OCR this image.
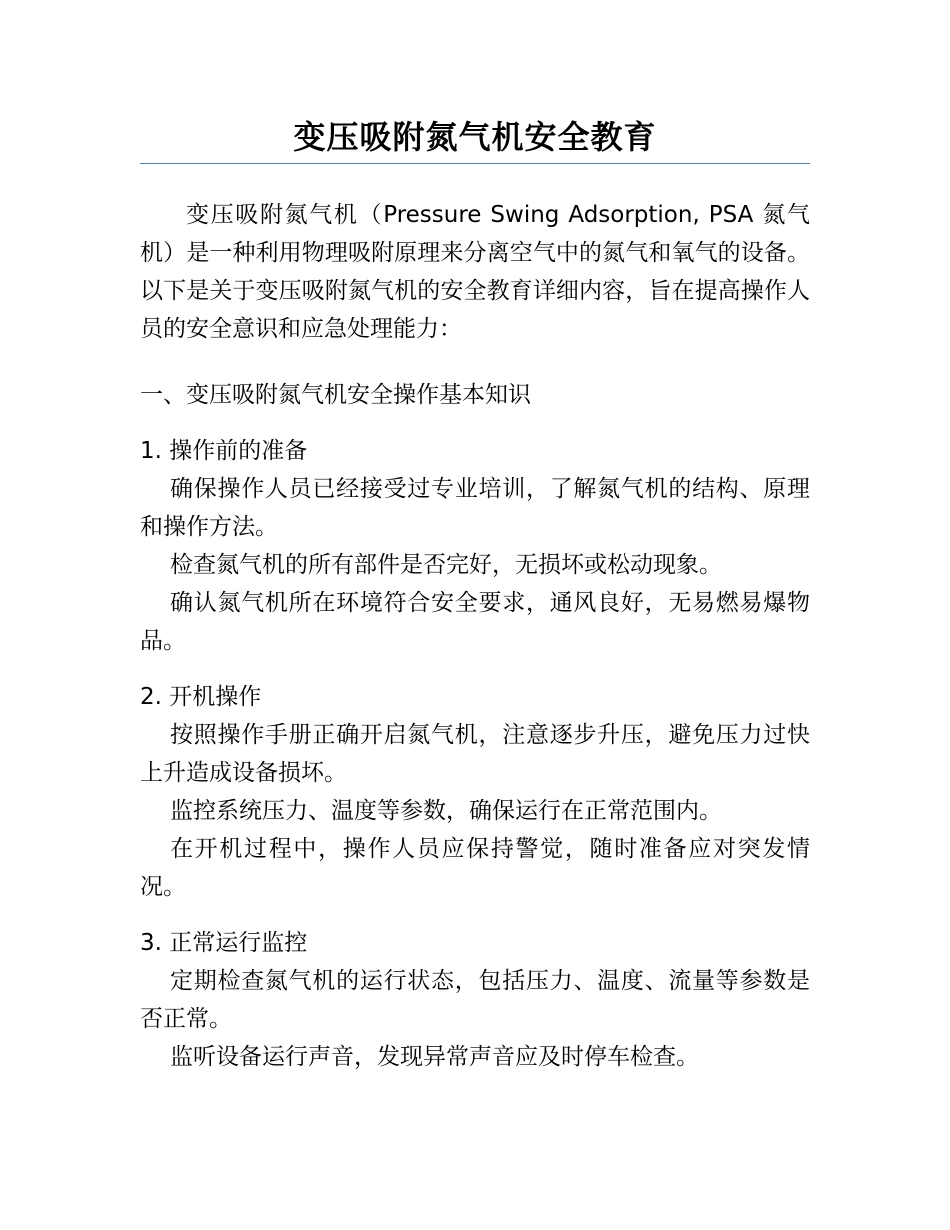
变压吸附氮气机安全教育

变压吸附氮气机（Pressure Swing Adsorption, PSA 氮气机）是一种利用物理吸附原理来分离空气中的氮气和氧气的设备。以下是关于变压吸附氮气机的安全教育详细内容，旨在提高操作人员的安全意识和应急处理能力：

一、变压吸附氮气机安全操作基本知识

1. 操作前的准备

确保操作人员已经接受过专业培训，了解氮气机的结构、原理和操作方法。

检查氮气机的所有部件是否完好，无损坏或松动现象。

确认氮气机所在环境符合安全要求，通风良好，无易燃易爆物品。

2. 开机操作

按照操作手册正确开启氮气机，注意逐步升压，避免压力过快上升造成设备损坏。

监控系统压力、温度等参数，确保运行在正常范围内。

在开机过程中，操作人员应保持警觉，随时准备应对突发情况。

3. 正常运行监控

定期检查氮气机的运行状态，包括压力、温度、流量等参数是否正常。

监听设备运行声音，发现异常声音应及时停车检查。
